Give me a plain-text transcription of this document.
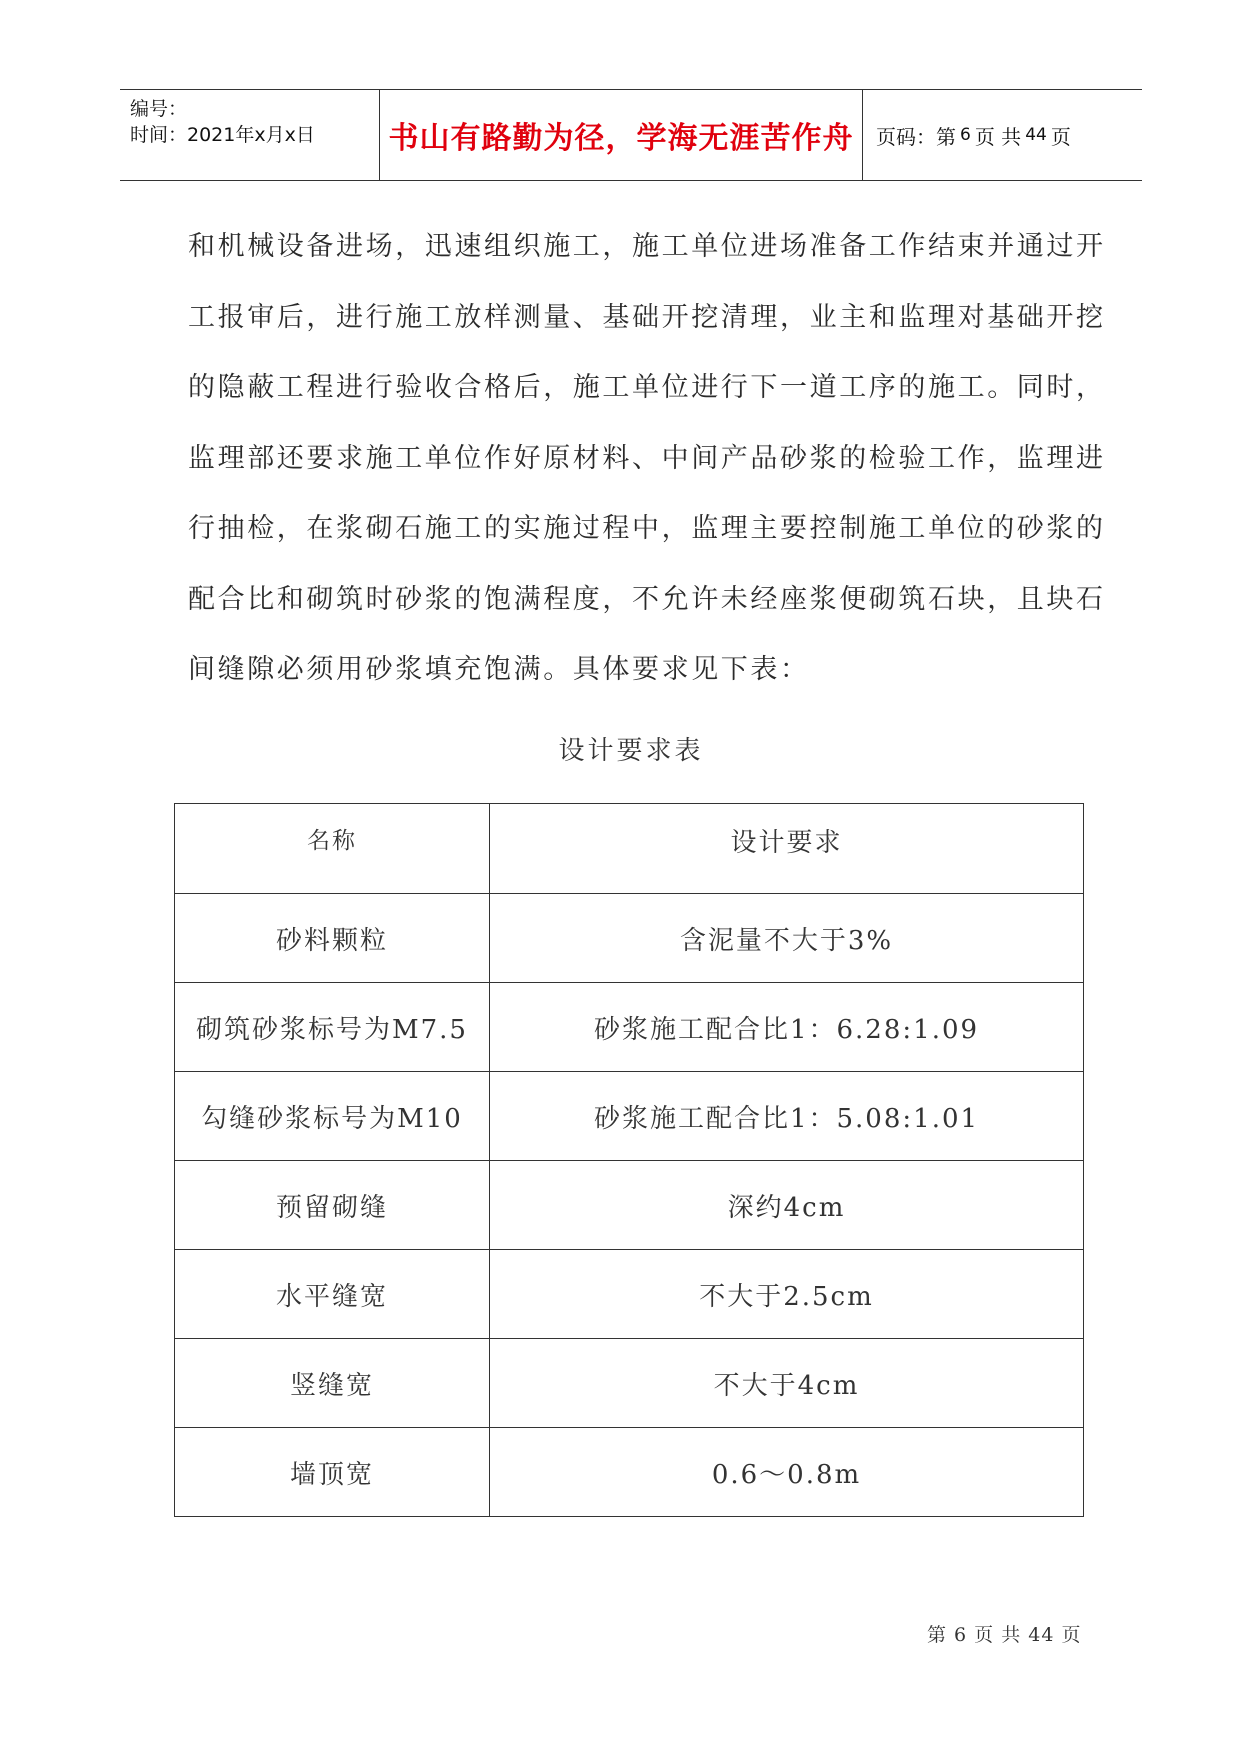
编号：
时间：2021年x月x日 书山有路勤为径，学海无涯苦作舟 页码：第 6 页 共 44 页
和机械设备进场，迅速组织施工，施工单位进场准备工作结束并通过开
工报审后，进行施工放样测量、基础开挖清理，业主和监理对基础开挖
的隐蔽工程进行验收合格后，施工单位进行下一道工序的施工。同时，
监理部还要求施工单位作好原材料、中间产品砂浆的检验工作，监理进
行抽检，在浆砌石施工的实施过程中，监理主要控制施工单位的砂浆的
配合比和砌筑时砂浆的饱满程度，不允许未经座浆便砌筑石块，且块石
间缝隙必须用砂浆填充饱满。具体要求见下表：
设计要求表
名称	设计要求
砂料颗粒	含泥量不大于3%
砌筑砂浆标号为M7.5	砂浆施工配合比1：6.28:1.09
勾缝砂浆标号为M10	砂浆施工配合比1：5.08:1.01
预留砌缝	深约4cm
水平缝宽	不大于2.5cm
竖缝宽	不大于4cm
墙顶宽	0.6～0.8m
第 6 页 共 44 页
